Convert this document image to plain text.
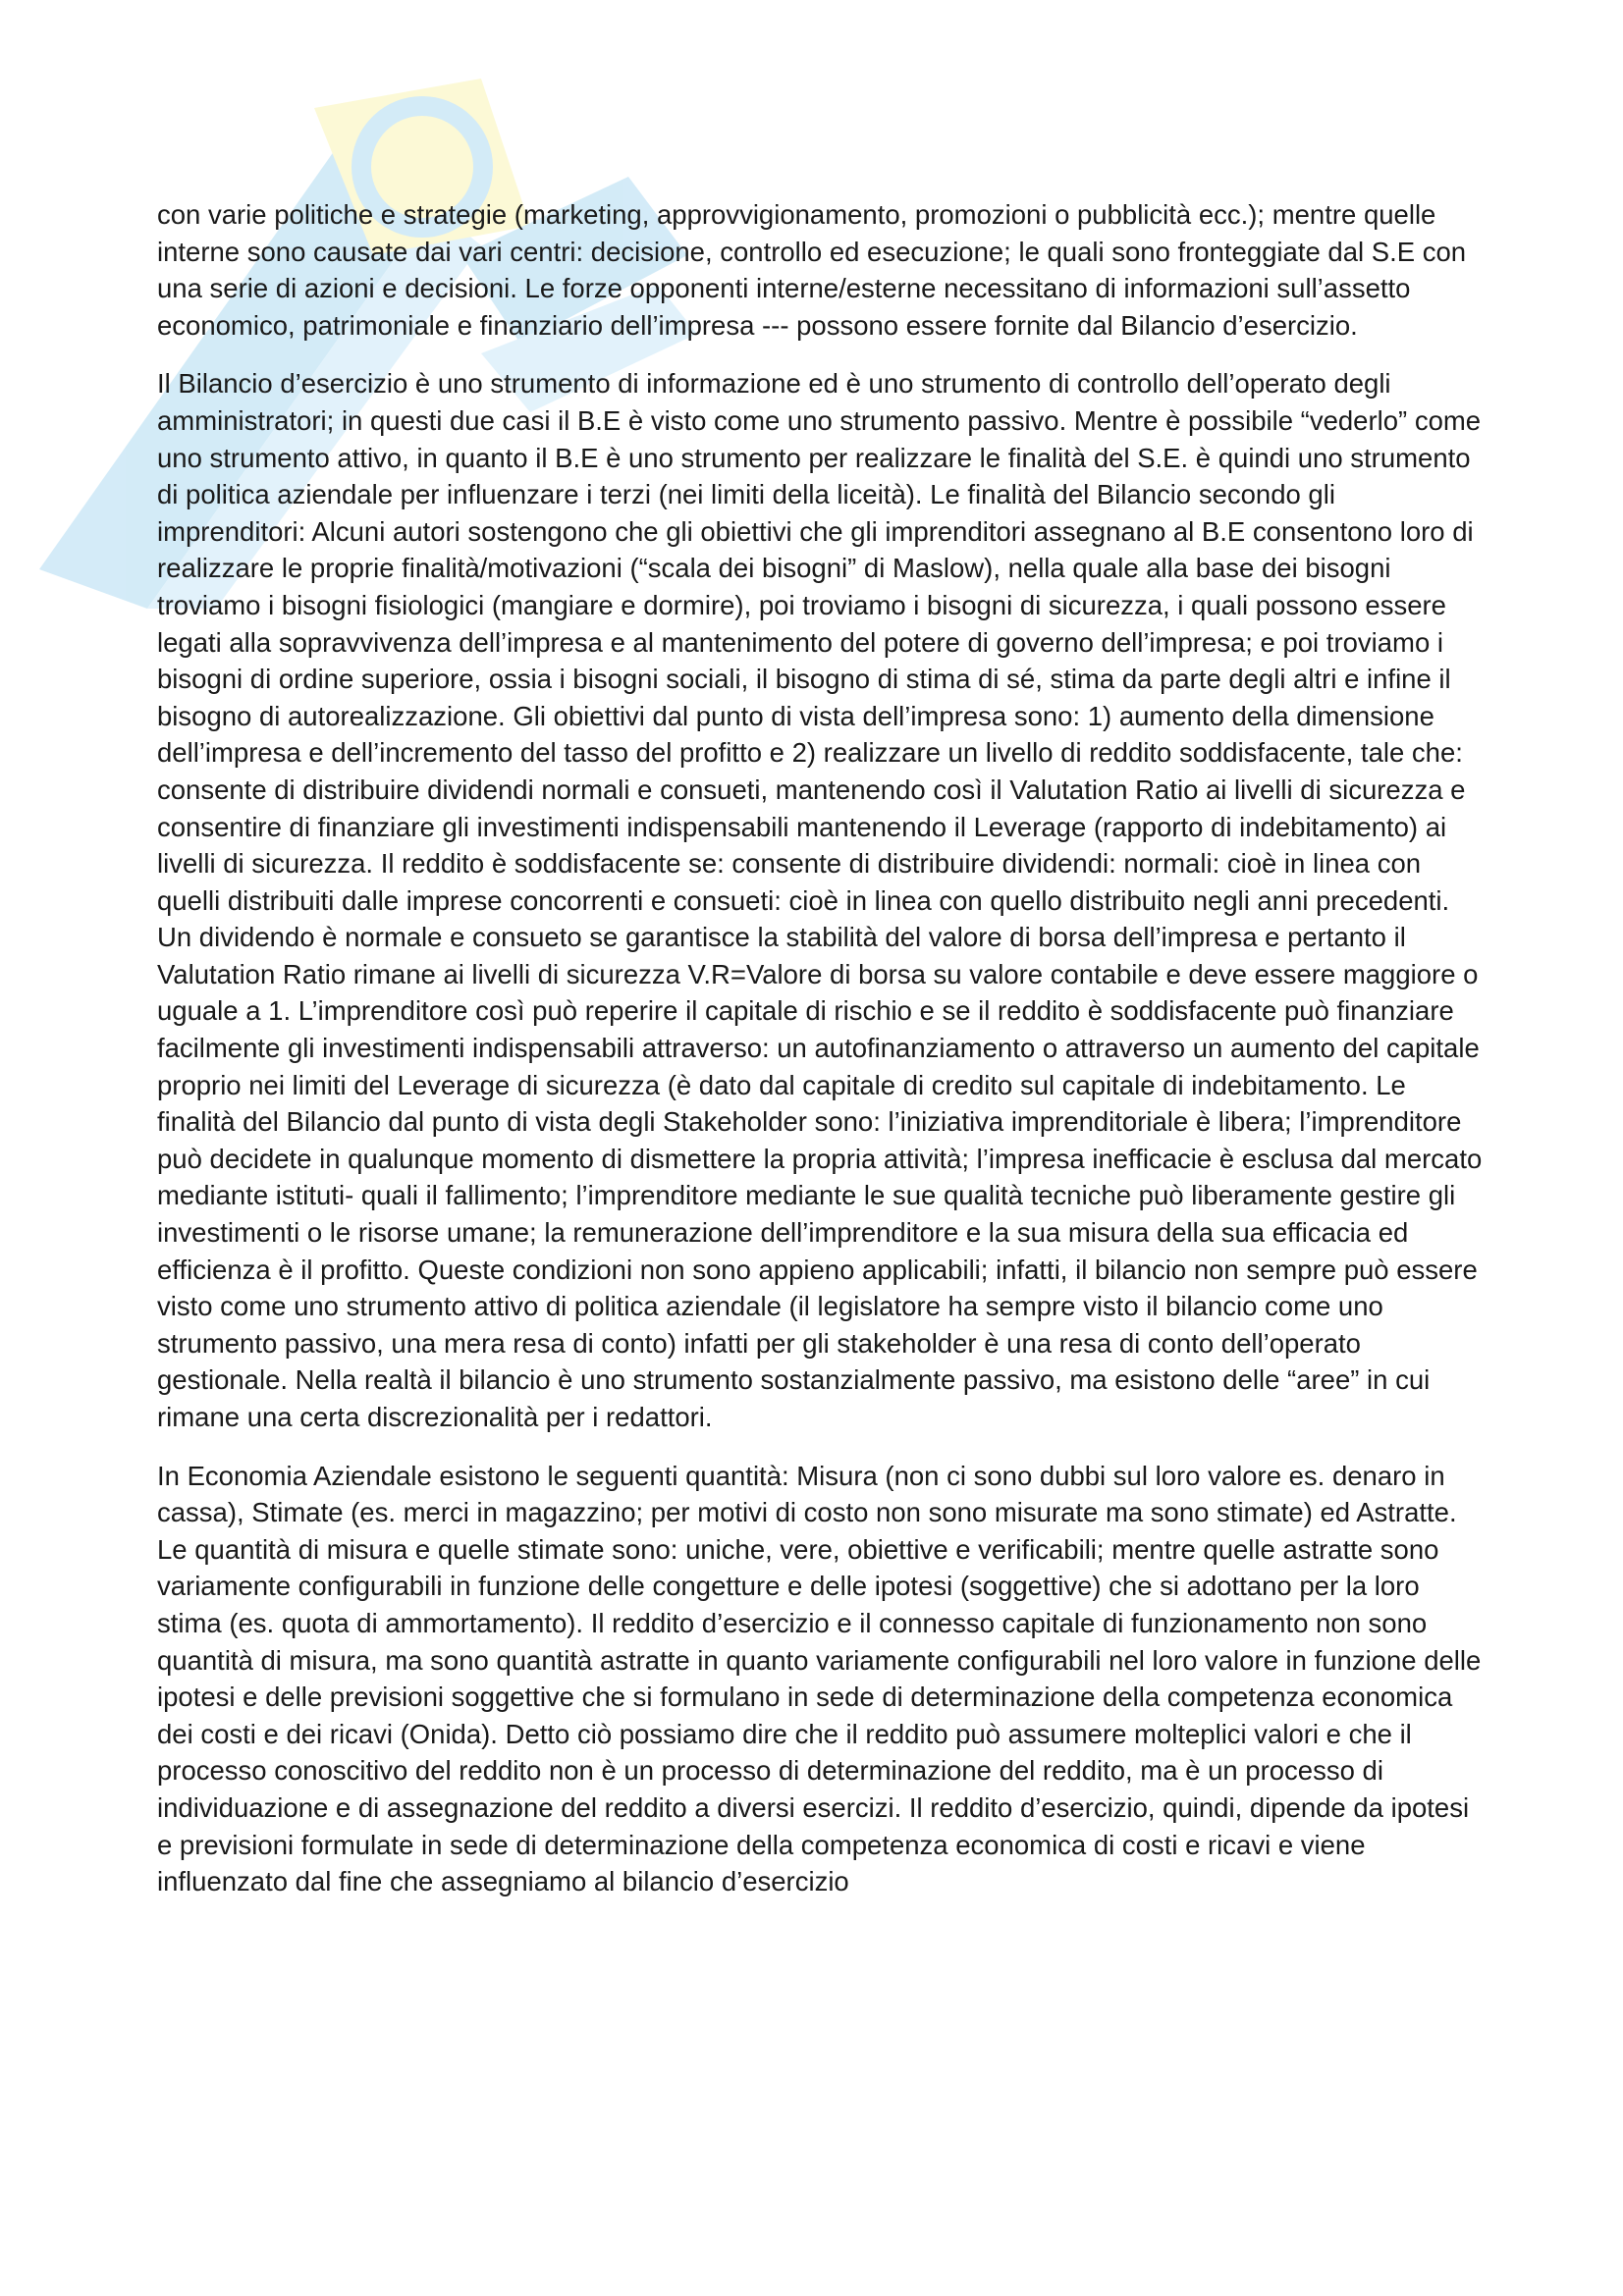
con varie politiche e strategie (marketing, approvvigionamento, promozioni o pubblicità ecc.); mentre quelle interne sono causate dai vari centri: decisione, controllo ed esecuzione; le quali sono fronteggiate dal S.E con una serie di azioni e decisioni. Le forze opponenti interne/esterne necessitano di informazioni sull’assetto economico, patrimoniale e finanziario dell’impresa --- possono essere fornite dal Bilancio d’esercizio.

Il Bilancio d’esercizio è uno strumento di informazione ed è uno strumento di controllo dell’operato degli amministratori; in questi due casi il B.E è visto come uno strumento passivo. Mentre è possibile “vederlo” come uno strumento attivo, in quanto il B.E è uno strumento per realizzare le finalità del S.E. è quindi uno strumento di politica aziendale per influenzare i terzi (nei limiti della liceità). Le finalità del Bilancio secondo gli imprenditori: Alcuni autori sostengono che gli obiettivi che gli imprenditori assegnano al B.E consentono loro di realizzare le proprie finalità/motivazioni (“scala dei bisogni” di Maslow), nella quale alla base dei bisogni troviamo i bisogni fisiologici (mangiare e dormire), poi troviamo i bisogni di sicurezza, i quali possono essere legati alla sopravvivenza dell’impresa e al mantenimento del potere di governo dell’impresa; e poi troviamo i bisogni di ordine superiore, ossia i bisogni sociali, il bisogno di stima di sé, stima da parte degli altri e infine il bisogno di autorealizzazione. Gli obiettivi dal punto di vista dell’impresa sono: 1) aumento della dimensione dell’impresa e dell’incremento del tasso del profitto e 2) realizzare un livello di reddito soddisfacente, tale che: consente di distribuire dividendi normali e consueti, mantenendo così il Valutation Ratio ai livelli di sicurezza e consentire di finanziare gli investimenti indispensabili mantenendo il Leverage (rapporto di indebitamento) ai livelli di sicurezza. Il reddito è soddisfacente se: consente di distribuire dividendi: normali: cioè in linea con quelli distribuiti dalle imprese concorrenti e consueti: cioè in linea con quello distribuito negli anni precedenti. Un dividendo è normale e consueto se garantisce la stabilità del valore di borsa dell’impresa e pertanto il Valutation Ratio rimane ai livelli di sicurezza V.R=Valore di borsa su valore contabile e deve essere maggiore o uguale a 1. L’imprenditore così può reperire il capitale di rischio e se il reddito è soddisfacente può finanziare facilmente gli investimenti indispensabili attraverso: un autofinanziamento o attraverso un aumento del capitale proprio nei limiti del Leverage di sicurezza (è dato dal capitale di credito sul capitale di indebitamento. Le finalità del Bilancio dal punto di vista degli Stakeholder sono: l’iniziativa imprenditoriale è libera; l’imprenditore può decidete in qualunque momento di dismettere la propria attività; l’impresa inefficacie è esclusa dal mercato mediante istituti- quali il fallimento; l’imprenditore mediante le sue qualità tecniche può liberamente gestire gli investimenti o le risorse umane; la remunerazione dell’imprenditore e la sua misura della sua efficacia ed efficienza è il profitto. Queste condizioni non sono appieno applicabili; infatti, il bilancio non sempre può essere visto come uno strumento attivo di politica aziendale (il legislatore ha sempre visto il bilancio come uno strumento passivo, una mera resa di conto) infatti per gli stakeholder è una resa di conto dell’operato gestionale. Nella realtà il bilancio è uno strumento sostanzialmente passivo, ma esistono delle “aree” in cui rimane una certa discrezionalità per i redattori.

In Economia Aziendale esistono le seguenti quantità: Misura (non ci sono dubbi sul loro valore es. denaro in cassa), Stimate (es. merci in magazzino; per motivi di costo non sono misurate ma sono stimate) ed Astratte. Le quantità di misura e quelle stimate sono: uniche, vere, obiettive e verificabili; mentre quelle astratte sono variamente configurabili in funzione delle congetture e delle ipotesi (soggettive) che si adottano per la loro stima (es. quota di ammortamento). Il reddito d’esercizio e il connesso capitale di funzionamento non sono quantità di misura, ma sono quantità astratte in quanto variamente configurabili nel loro valore in funzione delle ipotesi e delle previsioni soggettive che si formulano in sede di determinazione della competenza economica dei costi e dei ricavi (Onida). Detto ciò possiamo dire che il reddito può assumere molteplici valori e che il processo conoscitivo del reddito non è un processo di determinazione del reddito, ma è un processo di individuazione e di assegnazione del reddito a diversi esercizi. Il reddito d’esercizio, quindi, dipende da ipotesi e previsioni formulate in sede di determinazione della competenza economica di costi e ricavi e viene influenzato dal fine che assegniamo al bilancio d’esercizio
